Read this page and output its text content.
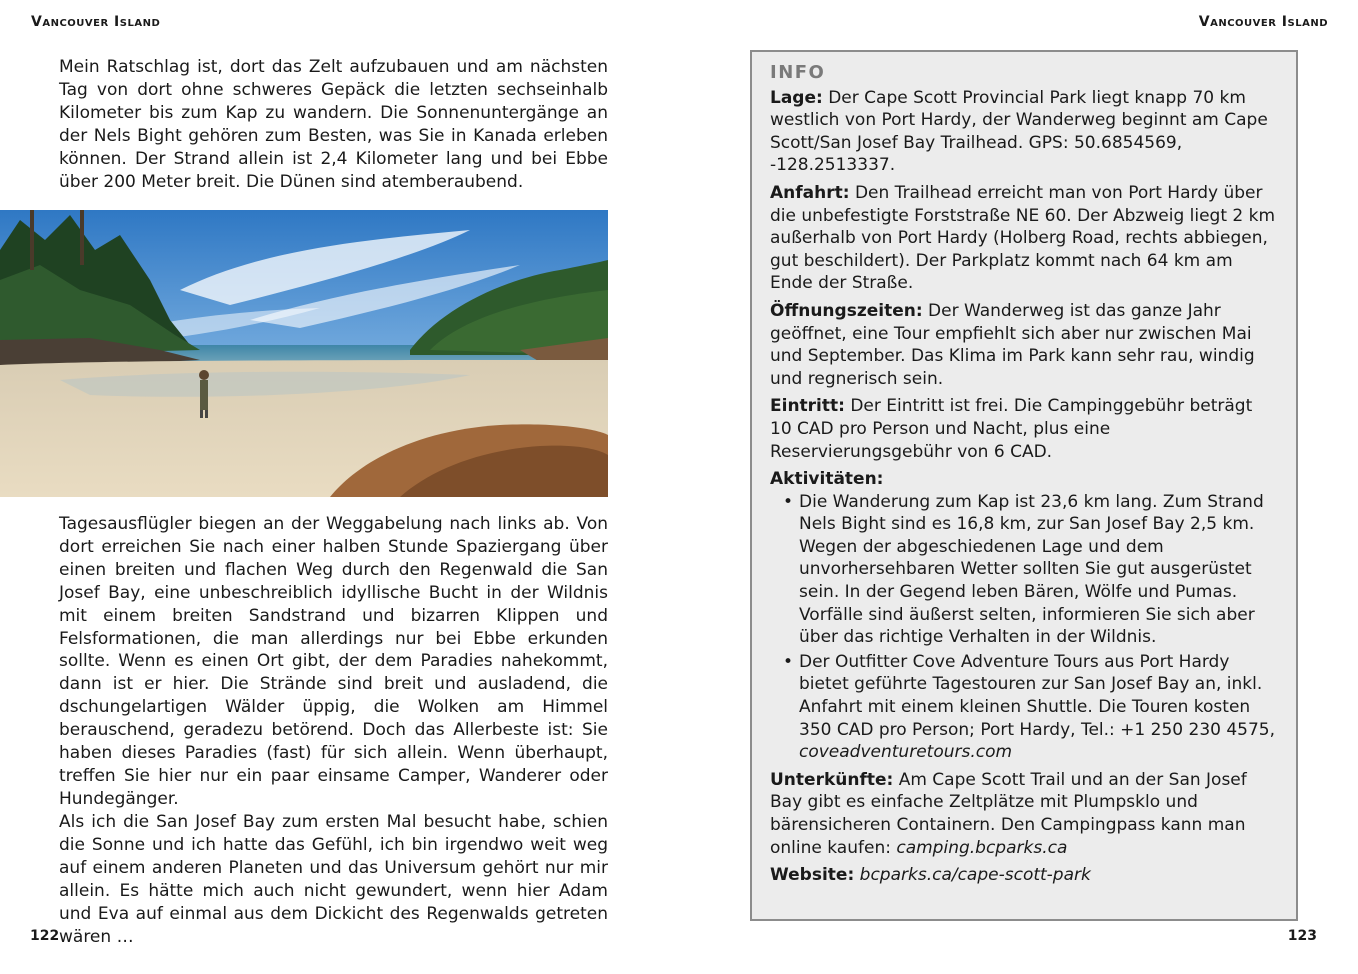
Vancouver Island

Mein Ratschlag ist, dort das Zelt aufzubauen und am nächsten Tag von dort ohne schweres Gepäck die letzten sechseinhalb Kilometer bis zum Kap zu wandern. Die Sonnenuntergänge an der Nels Bight gehören zum Besten, was Sie in Kanada erleben können. Der Strand allein ist 2,4 Kilometer lang und bei Ebbe über 200 Meter breit. Die Dünen sind atemberaubend.

Tagesausflügler biegen an der Weggabelung nach links ab. Von dort erreichen Sie nach einer halben Stunde Spaziergang über einen breiten und flachen Weg durch den Regenwald die San Josef Bay, eine unbeschreiblich idyllische Bucht in der Wildnis mit einem breiten Sandstrand und bizarren Klippen und Felsformationen, die man allerdings nur bei Ebbe erkunden sollte. Wenn es einen Ort gibt, der dem Paradies nahekommt, dann ist er hier. Die Strände sind breit und ausladend, die dschungelartigen Wälder üppig, die Wolken am Himmel berauschend, geradezu betörend. Doch das Allerbeste ist: Sie haben dieses Paradies (fast) für sich allein. Wenn überhaupt, treffen Sie hier nur ein paar einsame Camper, Wanderer oder Hundegänger.

Als ich die San Josef Bay zum ersten Mal besucht habe, schien die Sonne und ich hatte das Gefühl, ich bin irgendwo weit weg auf einem anderen Planeten und das Universum gehört nur mir allein. Es hätte mich auch nicht gewundert, wenn hier Adam und Eva auf einmal aus dem Dickicht des Regenwalds getreten wären …

122
Vancouver Island
INFO

Lage: Der Cape Scott Provincial Park liegt knapp 70 km westlich von Port Hardy, der Wanderweg beginnt am Cape Scott/San Josef Bay Trailhead. GPS: 50.6854569, -128.2513337.

Anfahrt: Den Trailhead erreicht man von Port Hardy über die unbefestigte Forststraße NE 60. Der Abzweig liegt 2 km außerhalb von Port Hardy (Holberg Road, rechts abbiegen, gut beschildert). Der Parkplatz kommt nach 64 km am Ende der Straße.

Öffnungszeiten: Der Wanderweg ist das ganze Jahr geöffnet, eine Tour empfiehlt sich aber nur zwischen Mai und September. Das Klima im Park kann sehr rau, windig und regnerisch sein.

Eintritt: Der Eintritt ist frei. Die Campinggebühr beträgt 10 CAD pro Person und Nacht, plus eine Reservierungsgebühr von 6 CAD.

Aktivitäten:
• Die Wanderung zum Kap ist 23,6 km lang. Zum Strand Nels Bight sind es 16,8 km, zur San Josef Bay 2,5 km. Wegen der abgeschiedenen Lage und dem unvorhersehbaren Wetter sollten Sie gut ausgerüstet sein. In der Gegend leben Bären, Wölfe und Pumas. Vorfälle sind äußerst selten, informieren Sie sich aber über das richtige Verhalten in der Wildnis.
• Der Outfitter Cove Adventure Tours aus Port Hardy bietet geführte Tagestouren zur San Josef Bay an, inkl. Anfahrt mit einem kleinen Shuttle. Die Touren kosten 350 CAD pro Person; Port Hardy, Tel.: +1 250 230 4575, coveadventuretours.com

Unterkünfte: Am Cape Scott Trail und an der San Josef Bay gibt es einfache Zeltplätze mit Plumpsklo und bärensicheren Containern. Den Campingpass kann man online kaufen: camping.bcparks.ca

Website: bcparks.ca/cape-scott-park

123
